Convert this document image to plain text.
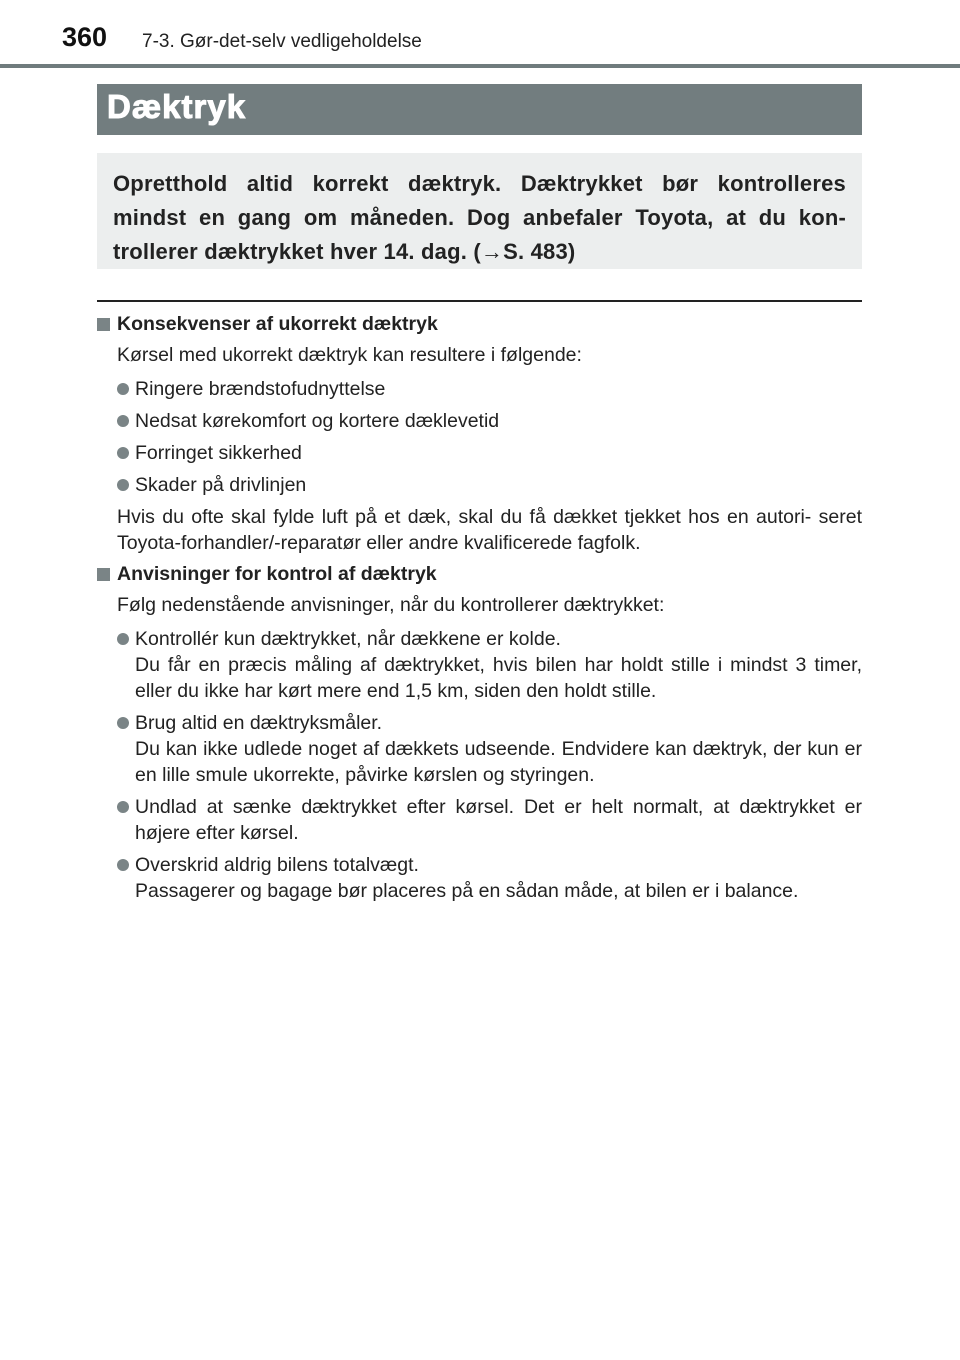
360 7-3. Gør-det-selv vedligeholdelse
Dæktryk
Opretthold altid korrekt dæktryk. Dæktrykket bør kontrolleres mindst en gang om måneden. Dog anbefaler Toyota, at du kon- trollerer dæktrykket hver 14. dag. (→S. 483)
Konsekvenser af ukorrekt dæktryk
Kørsel med ukorrekt dæktryk kan resultere i følgende:
Ringere brændstofudnyttelse
Nedsat kørekomfort og kortere dæklevetid
Forringet sikkerhed
Skader på drivlinjen
Hvis du ofte skal fylde luft på et dæk, skal du få dækket tjekket hos en autori- seret Toyota-forhandler/-reparatør eller andre kvalificerede fagfolk.
Anvisninger for kontrol af dæktryk
Følg nedenstående anvisninger, når du kontrollerer dæktrykket:
Kontrollér kun dæktrykket, når dækkene er kolde.
Du får en præcis måling af dæktrykket, hvis bilen har holdt stille i mindst 3 timer, eller du ikke har kørt mere end 1,5 km, siden den holdt stille.
Brug altid en dæktryksmåler.
Du kan ikke udlede noget af dækkets udseende. Endvidere kan dæktryk, der kun er en lille smule ukorrekte, påvirke kørslen og styringen.
Undlad at sænke dæktrykket efter kørsel. Det er helt normalt, at dæktrykket er højere efter kørsel.
Overskrid aldrig bilens totalvægt.
Passagerer og bagage bør placeres på en sådan måde, at bilen er i balance.
